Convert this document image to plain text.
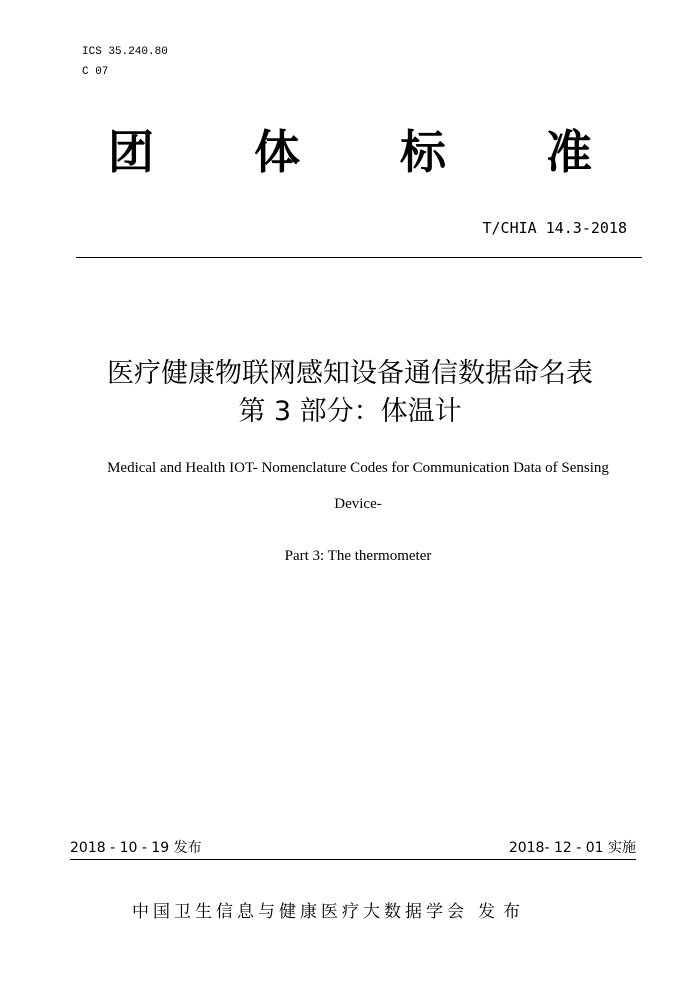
ICS 35.240.80
C 07
团 体 标 准
T/CHIA 14.3-2018
医疗健康物联网感知设备通信数据命名表
第 3 部分：体温计
Medical and Health IOT- Nomenclature Codes for Communication Data of Sensing
Device-
Part 3: The thermometer
2018 - 10 - 19 发布	2018- 12 - 01 实施
中国卫生信息与健康医疗大数据学会 发布
